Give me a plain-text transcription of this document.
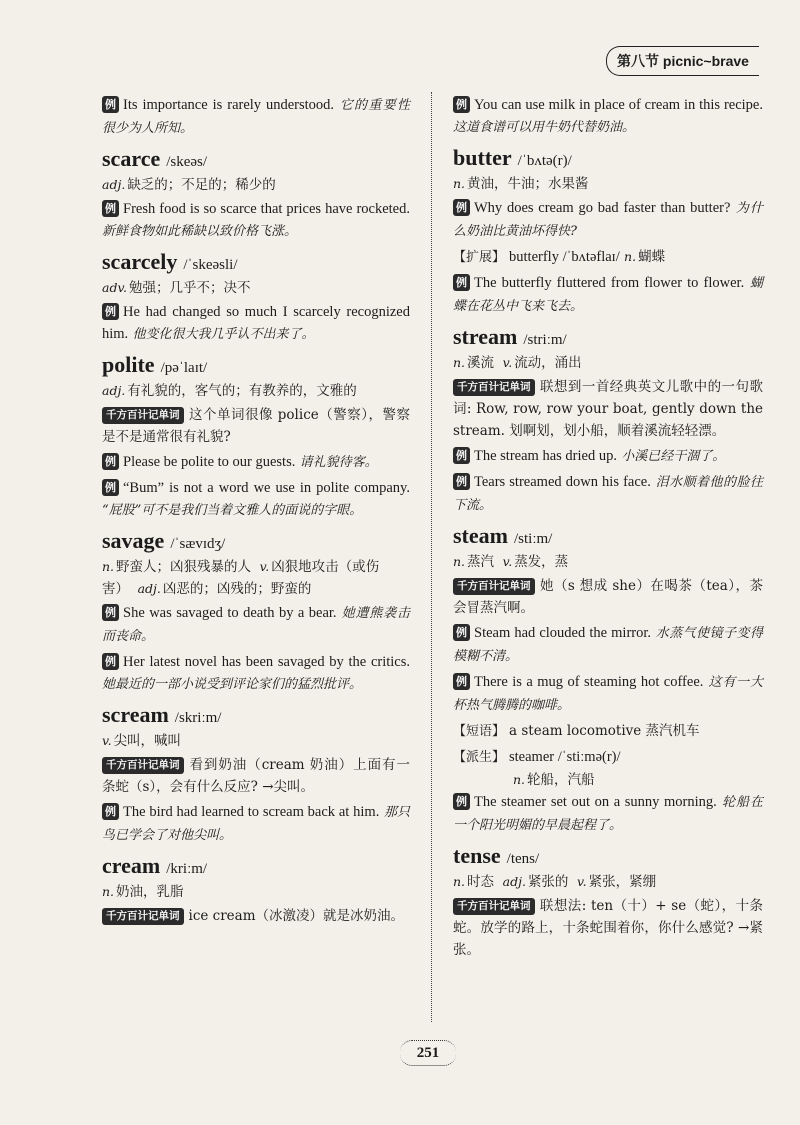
第八节 picnic~brave
例 Its importance is rarely understood. 它的重要性很少为人所知。
scarce /skeəs/
adj. 缺乏的；不足的；稀少的
例 Fresh food is so scarce that prices have rocketed. 新鲜食物如此稀缺以致价格飞涨。
scarcely /ˈskeəsli/
adv. 勉强；几乎不；决不
例 He had changed so much I scarcely recognized him. 他变化很大我几乎认不出来了。
polite /pəˈlaɪt/
adj. 有礼貌的，客气的；有教养的，文雅的
千方百计记单词 这个单词很像 police（警察），警察是不是通常很有礼貌?
例 Please be polite to our guests. 请礼貌待客。
例 “Bum” is not a word we use in polite company. “屁股”可不是我们当着文雅人的面说的字眼。
savage /ˈsævɪdʒ/
n. 野蛮人；凶狠残暴的人 v. 凶狠地攻击（或伤害） adj. 凶恶的；凶残的；野蛮的
例 She was savaged to death by a bear. 她遭熊袭击而丧命。
例 Her latest novel has been savaged by the critics. 她最近的一部小说受到评论家们的猛烈批评。
scream /skriːm/
v. 尖叫，喊叫
千方百计记单词 看到奶油（cream 奶油）上面有一条蛇（s），会有什么反应? →尖叫。
例 The bird had learned to scream back at him. 那只鸟已学会了对他尖叫。
cream /kriːm/
n. 奶油，乳脂
千方百计记单词 ice cream（冰激凌）就是冰奶油。
例 You can use milk in place of cream in this recipe. 这道食谱可以用牛奶代替奶油。
butter /ˈbʌtə(r)/
n. 黄油，牛油；水果酱
例 Why does cream go bad faster than butter? 为什么奶油比黄油坏得快?
【扩展】 butterfly /ˈbʌtəflaɪ/ n. 蝴蝶
例 The butterfly fluttered from flower to flower. 蝴蝶在花丛中飞来飞去。
stream /striːm/
n. 溪流 v. 流动，涌出
千方百计记单词 联想到一首经典英文儿歌中的一句歌词: Row, row, row your boat, gently down the stream. 划啊划，划小船，顺着溪流轻轻漂。
例 The stream has dried up. 小溪已经干涸了。
例 Tears streamed down his face. 泪水顺着他的脸往下流。
steam /stiːm/
n. 蒸汽 v. 蒸发，蒸
千方百计记单词 她（s 想成 she）在喝茶（tea），茶会冒蒸汽啊。
例 Steam had clouded the mirror. 水蒸气使镜子变得模糊不清。
例 There is a mug of steaming hot coffee. 这有一大杯热气腾腾的咖啡。
【短语】 a steam locomotive 蒸汽机车
【派生】 steamer /ˈstiːmə(r)/
n. 轮船，汽船
例 The steamer set out on a sunny morning. 轮船在一个阳光明媚的早晨起程了。
tense /tens/
n. 时态 adj. 紧张的 v. 紧张，紧绷
千方百计记单词 联想法: ten（十）+ se（蛇），十条蛇。放学的路上，十条蛇围着你，你什么感觉? →紧张。
251
